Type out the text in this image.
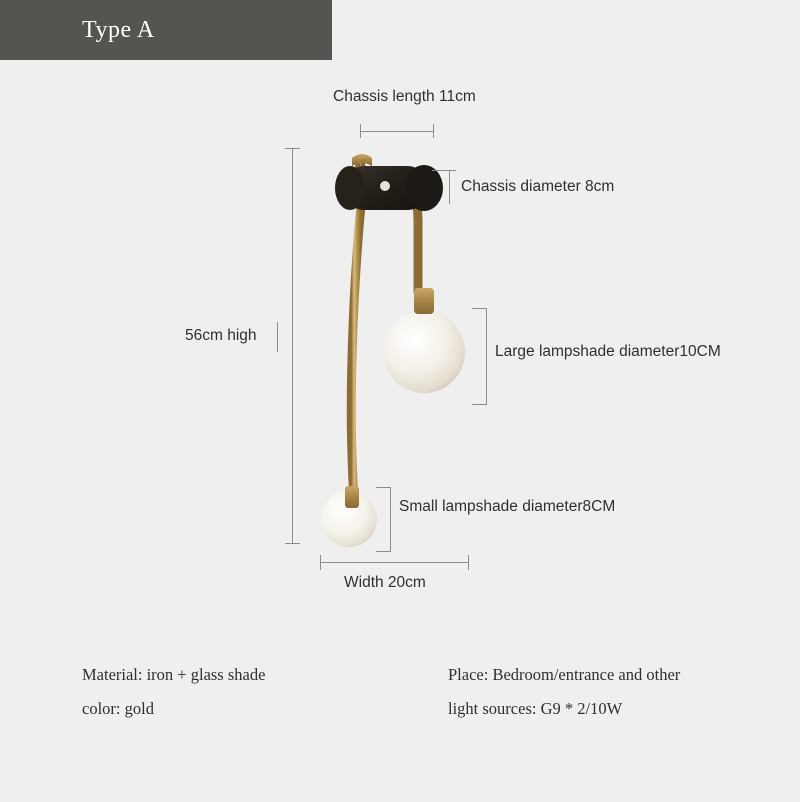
Type A
Chassis length 11cm
Chassis diameter 8cm
56cm high
Large lampshade diameter10CM
Small lampshade diameter8CM
Width 20cm
Material: iron + glass shade
color: gold
Place: Bedroom/entrance and other
light sources: G9 * 2/10W
